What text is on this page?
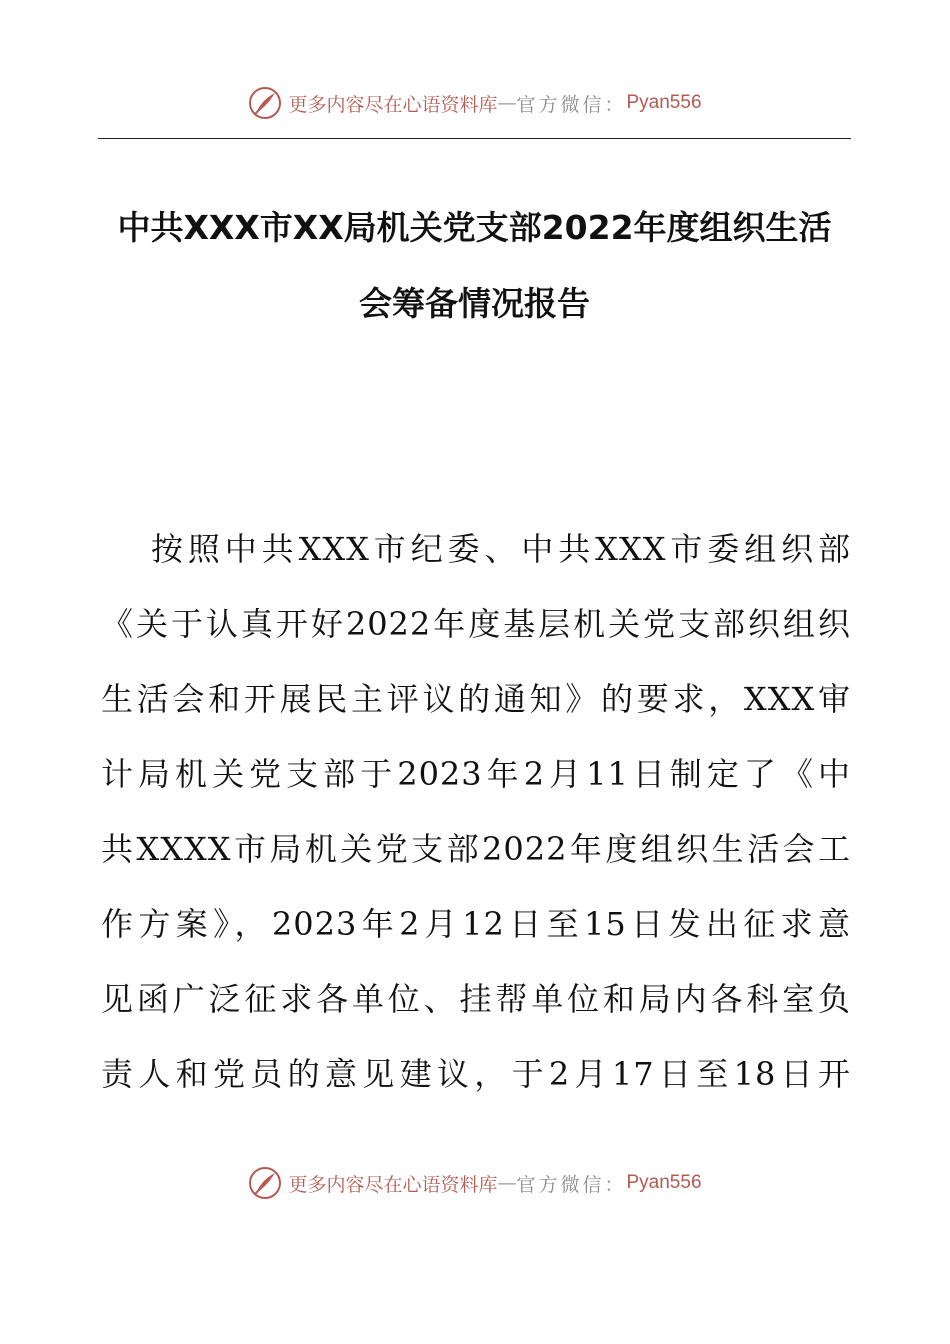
更多内容尽在心语资料库 — 官方微信： Pyan556
中共XXX市XX局机关党支部2022年度组织生活
会筹备情况报告
按照中共XXX市纪委、中共XXX市委组织部
《关于认真开好2022年度基层机关党支部织组织
生活会和开展民主评议的通知》的要求，XXX审
计局机关党支部于2023年2月11日制定了《中
共XXXX市局机关党支部2022年度组织生活会工
作方案》，2023年2月12日至15日发出征求意
见函广泛征求各单位、挂帮单位和局内各科室负
责人和党员的意见建议，于2月17日至18日开
更多内容尽在心语资料库 — 官方微信： Pyan556
